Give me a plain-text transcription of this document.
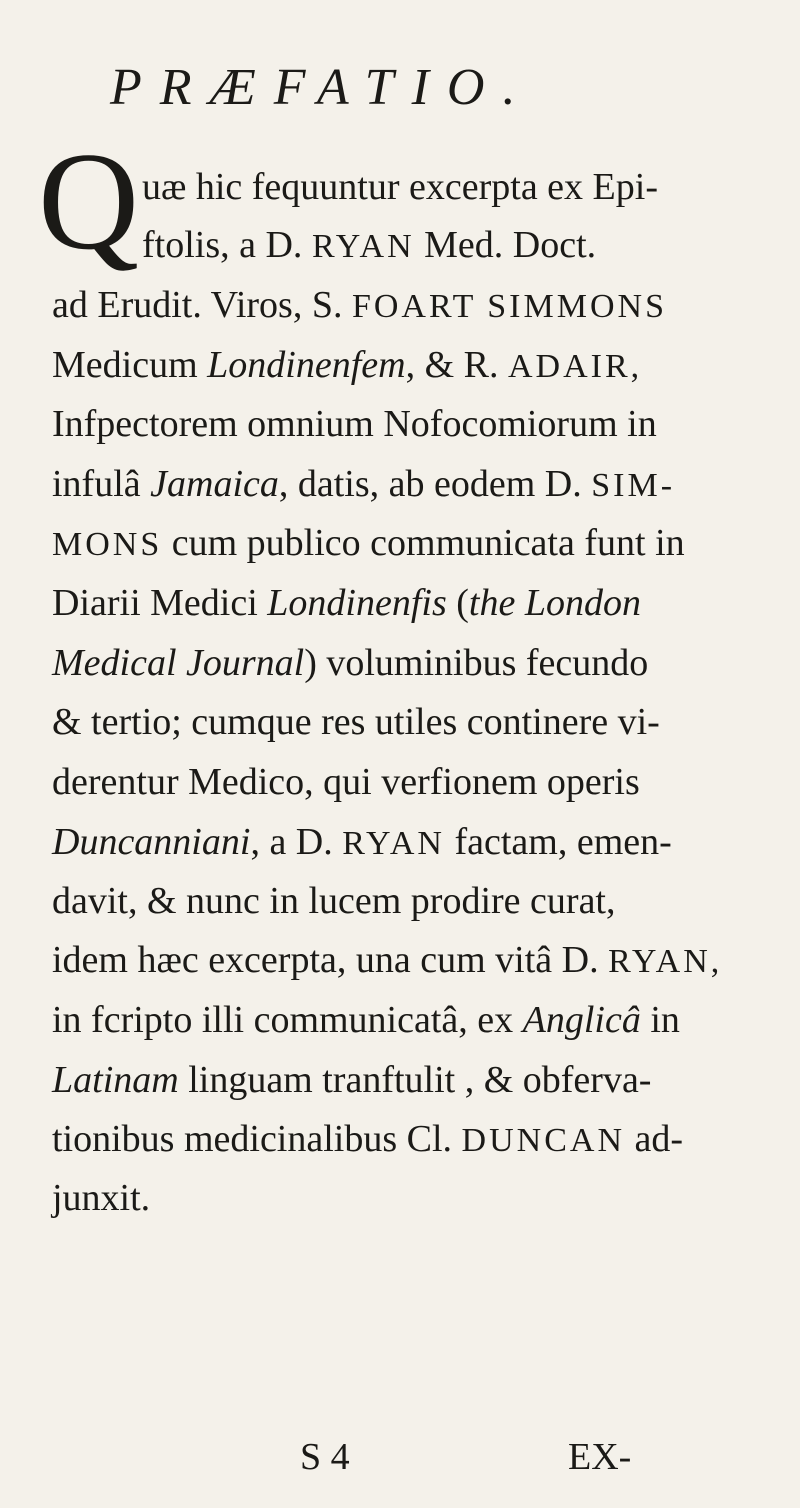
PRÆFATIO.
Q uæ hic fequuntur excerpta ex Epi-
ftolis, a D. RYAN Med. Doct.
ad Erudit. Viros, S. FOART SIMMONS
Medicum Londinenfem, & R. ADAIR,
Infpectorem omnium Nofocomiorum in
infulâ Jamaica, datis, ab eodem D. SIM-
MONS cum publico communicata funt in
Diarii Medici Londinenfis (the London
Medical Journal) voluminibus fecundo
& tertio; cumque res utiles continere vi-
derentur Medico, qui verfionem operis
Duncanniani, a D. RYAN factam, emen-
davit, & nunc in lucem prodire curat,
idem hæc excerpta, una cum vitâ D. RYAN,
in fcripto illi communicatâ, ex Anglicâ in
Latinam linguam tranftulit , & obferva-
tionibus medicinalibus Cl. DUNCAN ad-
junxit.
S 4	EX-
